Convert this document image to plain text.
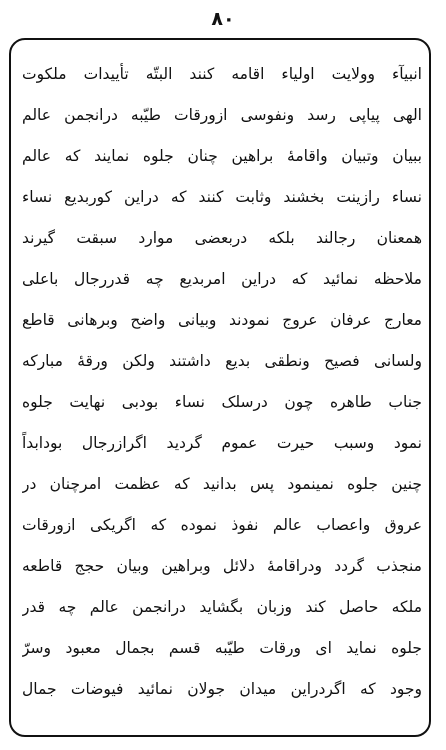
۸۰
انبیآء وولایت اولیاء اقامه کنند البتّه تأییدات ملکوت
الهی پیاپی رسد ونفوسی ازورقات طیّبه درانجمن عالم
ببیان وتبیان واقامهٔ براهین چنان جلوه نمایند که عالم
نساء رازینت بخشند وثابت کنند که دراین کوربدیع نساء
همعنان رجالند بلکه دربعضی موارد سبقت گیرند
ملاحظه نمائید که دراین امربدیع چه قدررجال باعلی
معارج عرفان عروج نمودند وبیانی واضح وبرهانی قاطع
ولسانی فصیح ونطقی بدیع داشتند ولکن ورقهٔ مبارکه
جناب طاهره چون درسلک نساء بودبی نهایت جلوه
نمود وسبب حیرت عموم گردید اگرازرجال بودابداً
چنین جلوه نمینمود پس بدانید که عظمت امرچنان در
عروق واعصاب عالم نفوذ نموده که اگریکی ازورقات
منجذب گردد ودراقامهٔ دلائل وبراهین وبیان حجج قاطعه
ملکه حاصل کند وزبان بگشاید درانجمن عالم چه قدر
جلوه نماید ای ورقات طیّبه قسم بجمال معبود وسرّ
وجود که اگردراین میدان جولان نمائید فیوضات جمال
